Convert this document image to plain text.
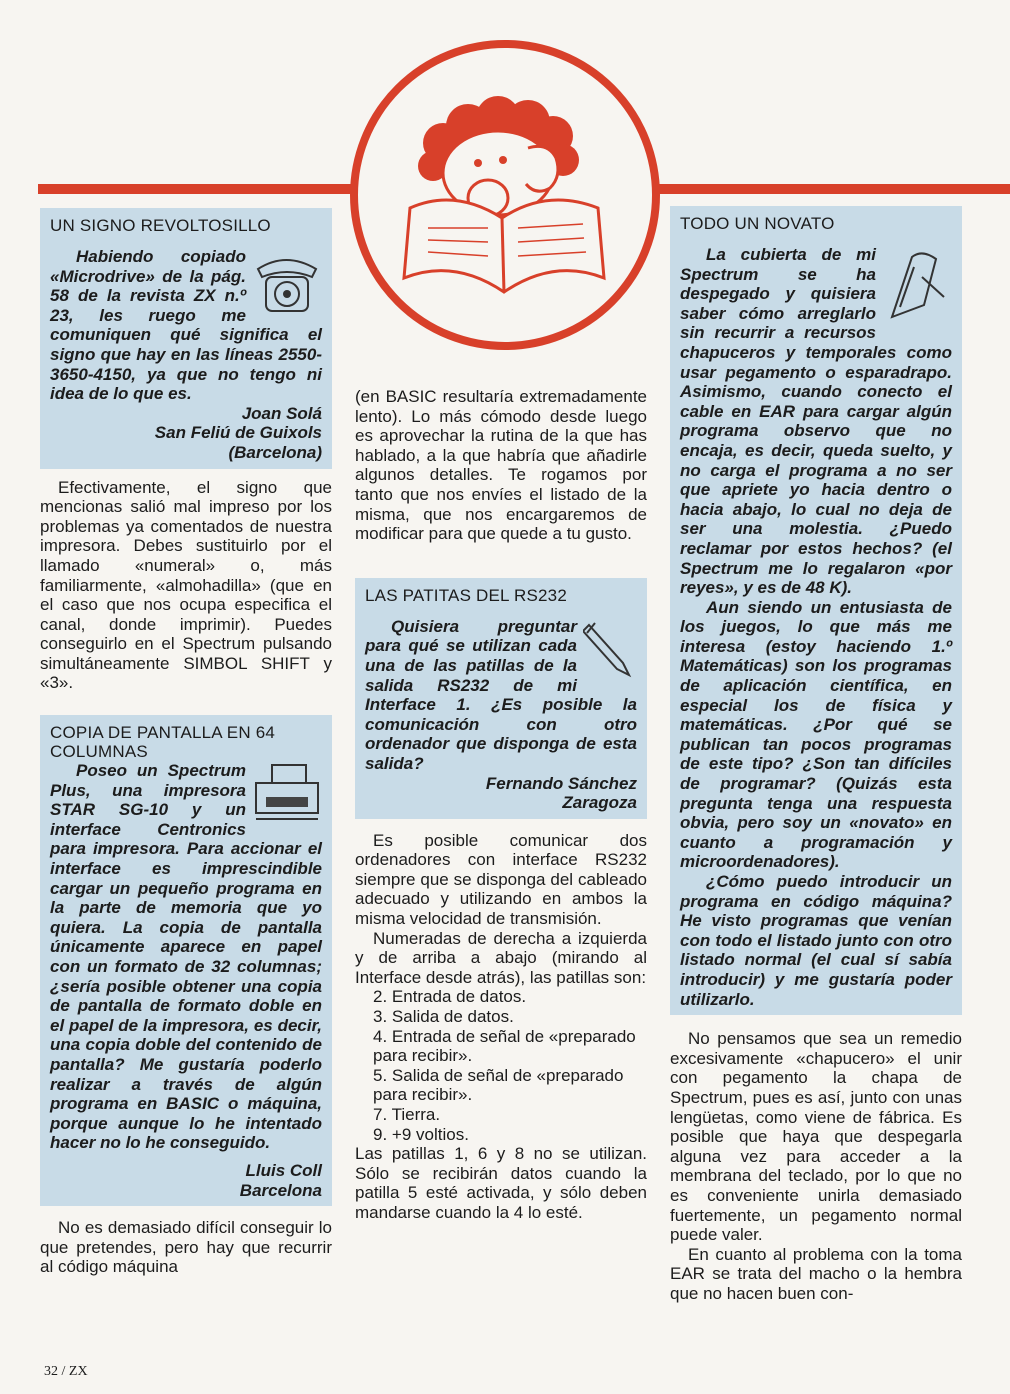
UN SIGNO REVOLTOSILLO

Habiendo copiado «Microdrive» de la pág. 58 de la revista ZX n.º 23, les ruego me comuniquen qué significa el signo que hay en las líneas 2550-3650-4150, ya que no tengo ni idea de lo que es.

Joan Solá

San Feliú de Guixols

(Barcelona)

Efectivamente, el signo que mencionas salió mal impreso por los problemas ya comentados de nuestra impresora. Debes sustituirlo por el llamado «numeral» o, más familiarmente, «almohadilla» (que en el caso que nos ocupa especifica el canal, donde imprimir). Puedes conseguirlo en el Spectrum pulsando simultáneamente SIMBOL SHIFT y «3».

COPIA DE PANTALLA EN 64 COLUMNAS

Poseo un Spectrum Plus, una impresora STAR SG-10 y un interface Centronics para impresora. Para accionar el interface es imprescindible cargar un pequeño programa en la parte de memoria que yo quiera. La copia de pantalla únicamente aparece en papel con un formato de 32 columnas; ¿sería posible obtener una copia de pantalla de formato doble en el papel de la impresora, es decir, una copia doble del contenido de pantalla? Me gustaría poderlo realizar a través de algún programa en BASIC o máquina, porque aunque lo he intentado hacer no lo he conseguido.

Lluis Coll

Barcelona

No es demasiado difícil conseguir lo que pretendes, pero hay que recurrir al código máquina

(en BASIC resultaría extremadamente lento). Lo más cómodo desde luego es aprovechar la rutina de la que has hablado, a la que habría que añadirle algunos detalles. Te rogamos por tanto que nos envíes el listado de la misma, que nos encargaremos de modificar para que quede a tu gusto.

LAS PATITAS DEL RS232

Quisiera preguntar para qué se utilizan cada una de las patillas de la salida RS232 de mi Interface 1. ¿Es posible la comunicación con otro ordenador que disponga de esta salida?

Fernando Sánchez

Zaragoza

Es posible comunicar dos ordenadores con interface RS232 siempre que se disponga del cableado adecuado y utilizando en ambos la misma velocidad de transmisión.

Numeradas de derecha a izquierda y de arriba a abajo (mirando al Interface desde atrás), las patillas son:

2. Entrada de datos.

3. Salida de datos.

4. Entrada de señal de «preparado para recibir».

5. Salida de señal de «preparado para recibir».

7. Tierra.

9. +9 voltios.

Las patillas 1, 6 y 8 no se utilizan. Sólo se recibirán datos cuando la patilla 5 esté activada, y sólo deben mandarse cuando la 4 lo esté.

TODO UN NOVATO

La cubierta de mi Spectrum se ha despegado y quisiera saber cómo arreglarlo sin recurrir a recursos chapuceros y temporales como usar pegamento o esparadrapo. Asimismo, cuando conecto el cable en EAR para cargar algún programa observo que no encaja, es decir, queda suelto, y no carga el programa a no ser que apriete yo hacia dentro o hacia abajo, lo cual no deja de ser una molestia. ¿Puedo reclamar por estos hechos? (el Spectrum me lo regalaron «por reyes», y es de 48 K).

Aun siendo un entusiasta de los juegos, lo que más me interesa (estoy haciendo 1.º Matemáticas) son los programas de aplicación científica, en especial los de física y matemáticas. ¿Por qué se publican tan pocos programas de este tipo? ¿Son tan difíciles de programar? (Quizás esta pregunta tenga una respuesta obvia, pero soy un «novato» en cuanto a programación y microordenadores).

¿Cómo puedo introducir un programa en código máquina? He visto programas que venían con todo el listado junto con otro listado normal (el cual sí sabía introducir) y me gustaría poder utilizarlo.

No pensamos que sea un remedio excesivamente «chapucero» el unir con pegamento la chapa de Spectrum, pues es así, junto con unas lengüetas, como viene de fábrica. Es posible que haya que despegarla alguna vez para acceder a la membrana del teclado, por lo que no es conveniente unirla demasiado fuertemente, un pegamento normal puede valer.

En cuanto al problema con la toma EAR se trata del macho o la hembra que no hacen buen con-

32 / ZX
